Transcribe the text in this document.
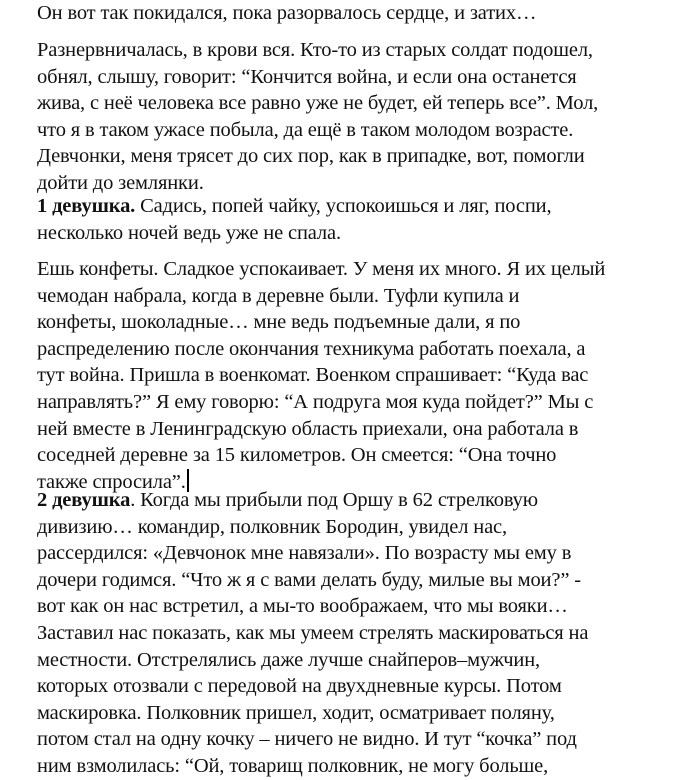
Он вот так покидался, пока разорвалось сердце, и затих…
Разнервничалась, в крови вся. Кто-то из старых солдат подошел,
обнял, слышу, говорит: “Кончится война, и если она останется
жива, с неё человека все равно уже не будет, ей теперь все”. Мол,
что я в таком ужасе побыла, да ещё в таком молодом возрасте.
Девчонки, меня трясет до сих пор, как в припадке, вот, помогли
дойти до землянки.
1 девушка. Садись, попей чайку, успокоишься и ляг, поспи,
несколько ночей ведь уже не спала.
Ешь конфеты. Сладкое успокаивает. У меня их много. Я их целый
чемодан набрала, когда в деревне были. Туфли купила и
конфеты, шоколадные… мне ведь подъемные дали, я по
распределению после окончания техникума работать поехала, а
тут война. Пришла в военкомат. Военком спрашивает: “Куда вас
направлять?” Я ему говорю: “А подруга моя куда пойдет?” Мы с
ней вместе в Ленинградскую область приехали, она работала в
соседней деревне за 15 километров. Он смеется: “Она точно
также спросила”.
2 девушка. Когда мы прибыли под Оршу в 62 стрелковую
дивизию… командир, полковник Бородин, увидел нас,
рассердился: «Девчонок мне навязали». По возрасту мы ему в
дочери годимся. “Что ж я с вами делать буду, милые вы мои?” -
вот как он нас встретил, а мы-то воображаем, что мы вояки…
Заставил нас показать, как мы умеем стрелять маскироваться на
местности. Отстрелялись даже лучше снайперов–мужчин,
которых отозвали с передовой на двухдневные курсы. Потом
маскировка. Полковник пришел, ходит, осматривает поляну,
потом стал на одну кочку – ничего не видно. И тут “кочка” под
ним взмолилась: “Ой, товарищ полковник, не могу больше,
